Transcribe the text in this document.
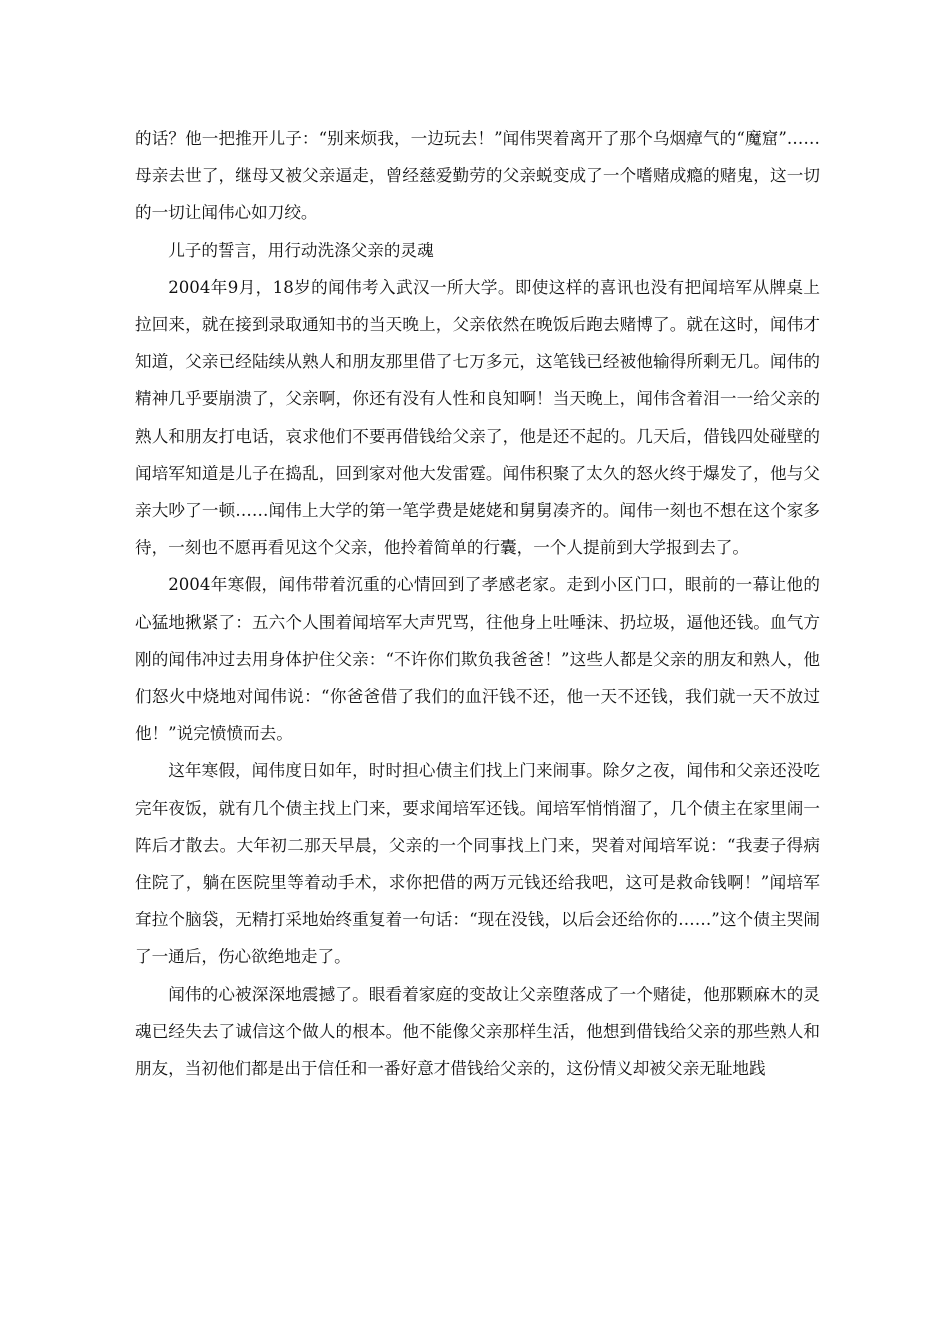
的话？他一把推开儿子：“别来烦我，一边玩去！”闻伟哭着离开了那个乌烟瘴气的“魔窟”…… 母亲去世了，继母又被父亲逼走，曾经慈爱勤劳的父亲蜕变成了一个嗜赌成瘾的赌鬼，这一切的一切让闻伟心如刀绞。

儿子的誓言，用行动洗涤父亲的灵魂

2004年9月，18岁的闻伟考入武汉一所大学。即使这样的喜讯也没有把闻培军从牌桌上拉回来，就在接到录取通知书的当天晚上，父亲依然在晚饭后跑去赌博了。就在这时，闻伟才知道，父亲已经陆续从熟人和朋友那里借了七万多元，这笔钱已经被他输得所剩无几。闻伟的精神几乎要崩溃了，父亲啊，你还有没有人性和良知啊！当天晚上，闻伟含着泪一一给父亲的熟人和朋友打电话，哀求他们不要再借钱给父亲了，他是还不起的。几天后，借钱四处碰壁的闻培军知道是儿子在捣乱，回到家对他大发雷霆。闻伟积聚了太久的怒火终于爆发了，他与父亲大吵了一顿……闻伟上大学的第一笔学费是姥姥和舅舅凑齐的。闻伟一刻也不想在这个家多待，一刻也不愿再看见这个父亲，他拎着简单的行囊，一个人提前到大学报到去了。

2004年寒假，闻伟带着沉重的心情回到了孝感老家。走到小区门口，眼前的一幕让他的心猛地揪紧了：五六个人围着闻培军大声咒骂，往他身上吐唾沫、扔垃圾，逼他还钱。血气方刚的闻伟冲过去用身体护住父亲：“不许你们欺负我爸爸！”这些人都是父亲的朋友和熟人，他们怒火中烧地对闻伟说：“你爸爸借了我们的血汗钱不还，他一天不还钱，我们就一天不放过他！”说完愤愤而去。

这年寒假，闻伟度日如年，时时担心债主们找上门来闹事。除夕之夜，闻伟和父亲还没吃完年夜饭，就有几个债主找上门来，要求闻培军还钱。闻培军悄悄溜了，几个债主在家里闹一阵后才散去。大年初二那天早晨，父亲的一个同事找上门来，哭着对闻培军说：“我妻子得病住院了，躺在医院里等着动手术，求你把借的两万元钱还给我吧，这可是救命钱啊！”闻培军耷拉个脑袋，无精打采地始终重复着一句话：“现在没钱，以后会还给你的……”这个债主哭闹了一通后，伤心欲绝地走了。

闻伟的心被深深地震撼了。眼看着家庭的变故让父亲堕落成了一个赌徒，他那颗麻木的灵魂已经失去了诚信这个做人的根本。他不能像父亲那样生活，他想到借钱给父亲的那些熟人和朋友，当初他们都是出于信任和一番好意才借钱给父亲的，这份情义却被父亲无耻地践
